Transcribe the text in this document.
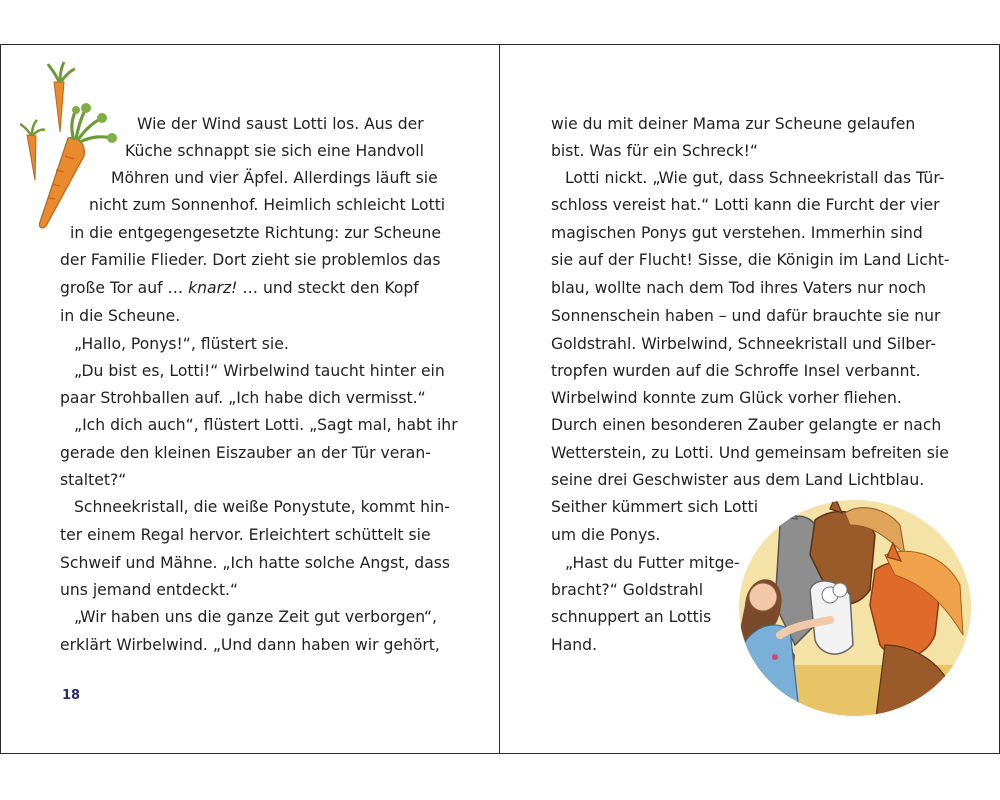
Wie der Wind saust Lotti los. Aus der
Küche schnappt sie sich eine Handvoll
Möhren und vier Äpfel. Allerdings läuft sie
nicht zum Sonnenhof. Heimlich schleicht Lotti
in die entgegengesetzte Richtung: zur Scheune
der Familie Flieder. Dort zieht sie problemlos das
große Tor auf … knarz! … und steckt den Kopf
in die Scheune.
„Hallo, Ponys!“, flüstert sie.
„Du bist es, Lotti!“ Wirbelwind taucht hinter ein
paar Strohballen auf. „Ich habe dich vermisst.“
„Ich dich auch“, flüstert Lotti. „Sagt mal, habt ihr
gerade den kleinen Eiszauber an der Tür veran-
staltet?“
Schneekristall, die weiße Ponystute, kommt hin-
ter einem Regal hervor. Erleichtert schüttelt sie
Schweif und Mähne. „Ich hatte solche Angst, dass
uns jemand entdeckt.“
„Wir haben uns die ganze Zeit gut verborgen“,
erklärt Wirbelwind. „Und dann haben wir gehört,
18
wie du mit deiner Mama zur Scheune gelaufen
bist. Was für ein Schreck!“
Lotti nickt. „Wie gut, dass Schneekristall das Tür-
schloss vereist hat.“ Lotti kann die Furcht der vier
magischen Ponys gut verstehen. Immerhin sind
sie auf der Flucht! Sisse, die Königin im Land Licht-
blau, wollte nach dem Tod ihres Vaters nur noch
Sonnenschein haben – und dafür brauchte sie nur
Goldstrahl. Wirbelwind, Schneekristall und Silber-
tropfen wurden auf die Schroffe Insel verbannt.
Wirbelwind konnte zum Glück vorher fliehen.
Durch einen besonderen Zauber gelangte er nach
Wetterstein, zu Lotti. Und gemeinsam befreiten sie
seine drei Geschwister aus dem Land Lichtblau.
Seither kümmert sich Lotti
um die Ponys.
„Hast du Futter mitge-
bracht?“ Goldstrahl
schnuppert an Lottis
Hand.
